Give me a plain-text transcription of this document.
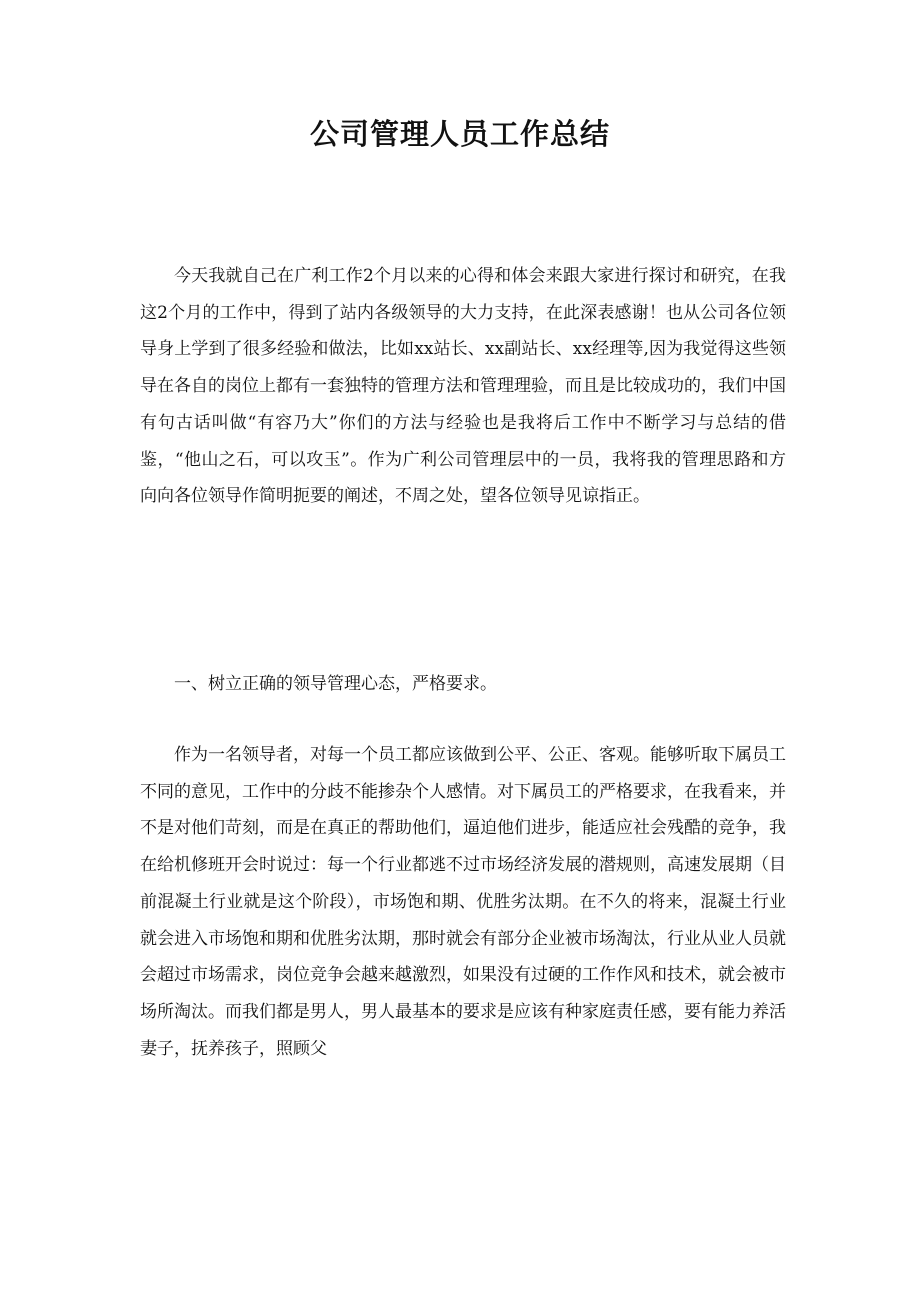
公司管理人员工作总结

今天我就自己在广利工作2个月以来的心得和体会来跟大家进行探讨和研究，在我这2个月的工作中，得到了站内各级领导的大力支持，在此深表感谢！也从公司各位领导身上学到了很多经验和做法，比如xx站长、xx副站长、xx经理等,因为我觉得这些领导在各自的岗位上都有一套独特的管理方法和管理理验，而且是比较成功的，我们中国有句古话叫做“有容乃大”你们的方法与经验也是我将后工作中不断学习与总结的借鉴，“他山之石，可以攻玉”。作为广利公司管理层中的一员，我将我的管理思路和方向向各位领导作简明扼要的阐述，不周之处，望各位领导见谅指正。

一、树立正确的领导管理心态，严格要求。

作为一名领导者，对每一个员工都应该做到公平、公正、客观。能够听取下属员工不同的意见，工作中的分歧不能掺杂个人感情。对下属员工的严格要求，在我看来，并不是对他们苛刻，而是在真正的帮助他们，逼迫他们进步，能适应社会残酷的竞争，我在给机修班开会时说过：每一个行业都逃不过市场经济发展的潜规则，高速发展期（目前混凝土行业就是这个阶段），市场饱和期、优胜劣汰期。在不久的将来，混凝土行业就会进入市场饱和期和优胜劣汰期，那时就会有部分企业被市场淘汰，行业从业人员就会超过市场需求，岗位竞争会越来越激烈，如果没有过硬的工作作风和技术，就会被市场所淘汰。而我们都是男人，男人最基本的要求是应该有种家庭责任感，要有能力养活妻子，抚养孩子，照顾父
